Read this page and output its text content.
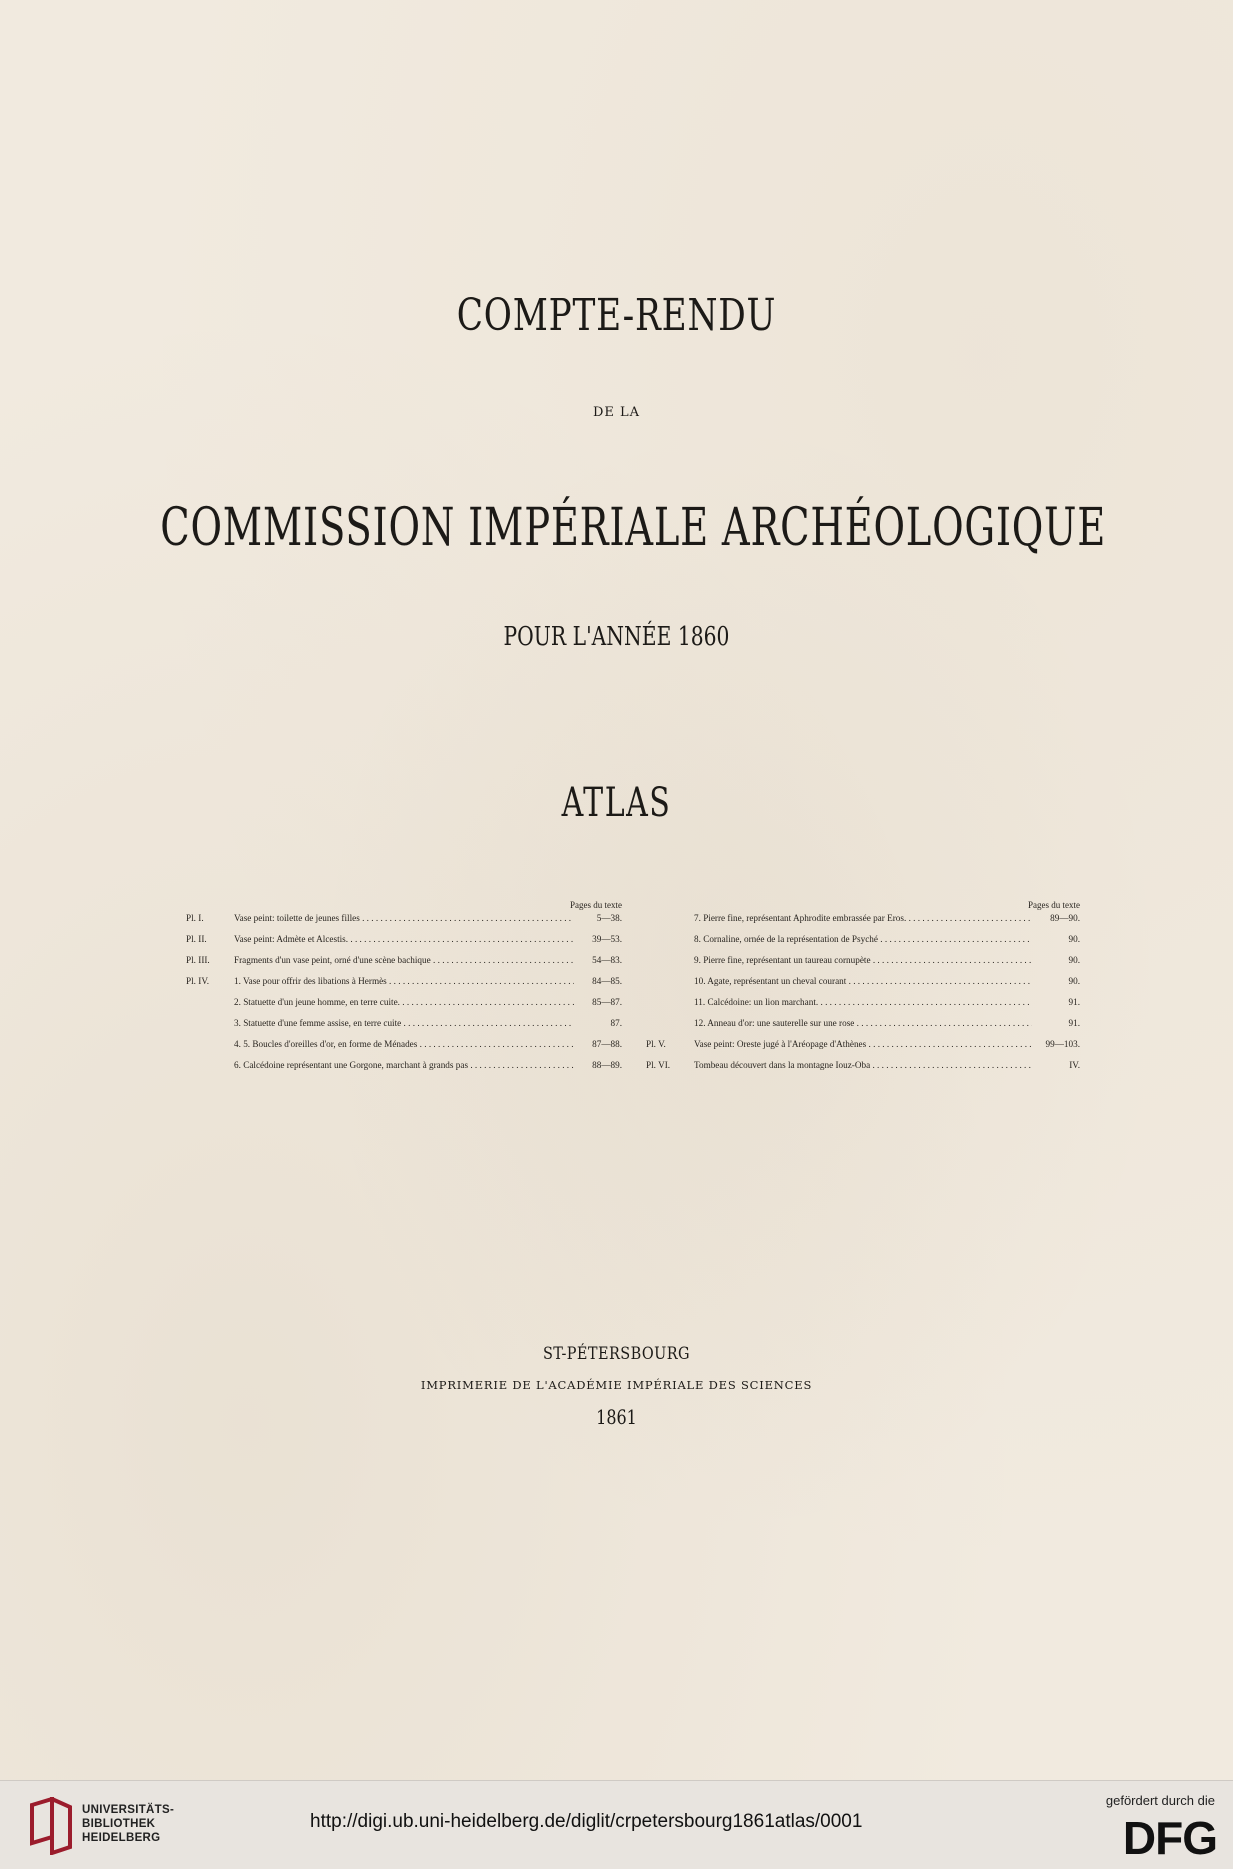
COMPTE-RENDU
DE LA
COMMISSION IMPÉRIALE ARCHÉOLOGIQUE
POUR L'ANNÉE 1860
ATLAS
Pages du texte
Pl. I.	Vase peint: toilette de jeunes filles . . .	5—38.
Pl. II.	Vase peint: Admète et Alcestis. . . .	39—53.
Pl. III.	Fragments d'un vase peint, orné d'une scène bachique . . .	54—83.
Pl. IV.	1. Vase pour offrir des libations à Hermès . . .	84—85.
2. Statuette d'un jeune homme, en terre cuite. . . .	85—87.
3. Statuette d'une femme assise, en terre cuite . . .	87.
4. 5. Boucles d'oreilles d'or, en forme de Ménades . . .	87—88.
6. Calcédoine représentant une Gorgone, marchant à grands pas . . .	88—89.
Pages du texte
7. Pierre fine, représentant Aphrodite embrassée par Eros. . . .	89—90.
8. Cornaline, ornée de la représentation de Psyché . . .	90.
9. Pierre fine, représentant un taureau cornupète . . .	90.
10. Agate, représentant un cheval courant . . .	90.
11. Calcédoine: un lion marchant. . . .	91.
12. Anneau d'or: une sauterelle sur une rose . . .	91.
Pl. V.	Vase peint: Oreste jugé à l'Aréopage d'Athènes . . .	99—103.
Pl. VI.	Tombeau découvert dans la montagne Iouz-Oba . . .	IV.
ST-PÉTERSBOURG
IMPRIMERIE DE L'ACADÉMIE IMPÉRIALE DES SCIENCES
1861
UNIVERSITÄTS-
BIBLIOTHEK
HEIDELBERG
http://digi.ub.uni-heidelberg.de/diglit/crpetersbourg1861atlas/0001
gefördert durch die
DFG
